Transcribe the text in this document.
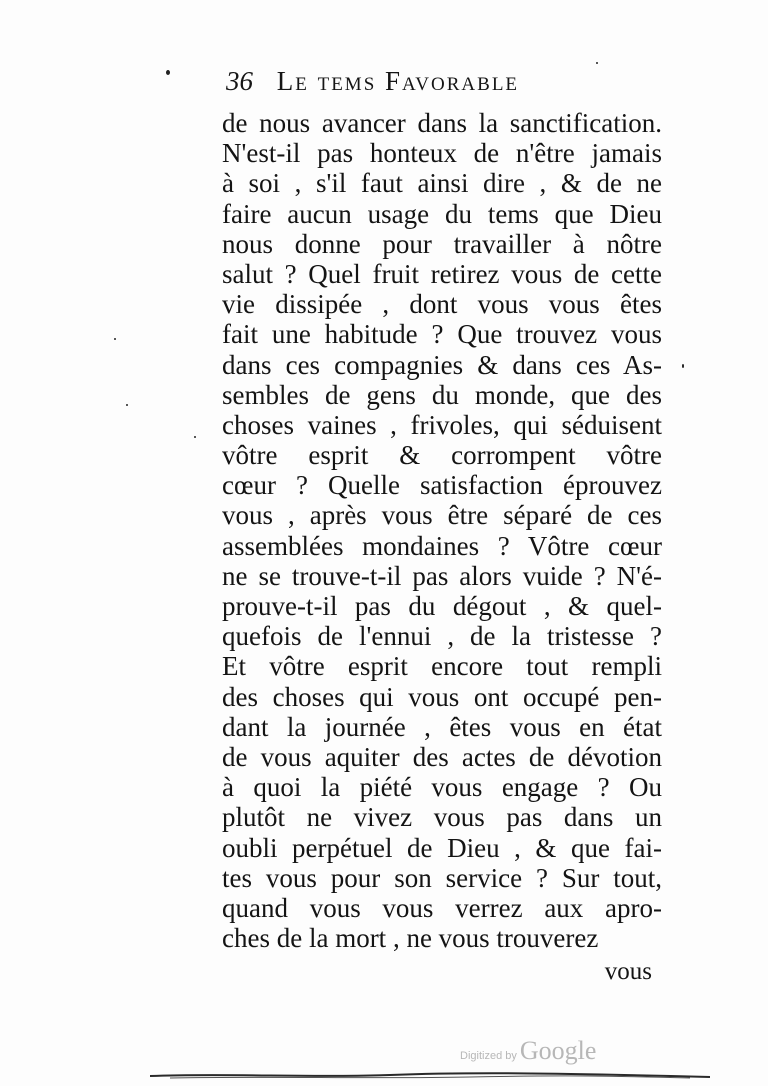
36 Le tems Favorable
de nous avancer dans la sanctification.
N'est-il pas honteux de n'être jamais
à soi , s'il faut ainsi dire , & de ne
faire aucun usage du tems que Dieu
nous donne pour travailler à nôtre
salut ? Quel fruit retirez vous de cette
vie dissipée , dont vous vous êtes
fait une habitude ? Que trouvez vous
dans ces compagnies & dans ces As-
sembles de gens du monde, que des
choses vaines , frivoles, qui séduisent
vôtre esprit & corrompent vôtre
cœur ? Quelle satisfaction éprouvez
vous , après vous être séparé de ces
assemblées mondaines ? Vôtre cœur
ne se trouve-t-il pas alors vuide ? N'é-
prouve-t-il pas du dégout , & quel-
quefois de l'ennui , de la tristesse ?
Et vôtre esprit encore tout rempli
des choses qui vous ont occupé pen-
dant la journée , êtes vous en état
de vous aquiter des actes de dévotion
à quoi la piété vous engage ? Ou
plutôt ne vivez vous pas dans un
oubli perpétuel de Dieu , & que fai-
tes vous pour son service ? Sur tout,
quand vous vous verrez aux apro-
ches de la mort , ne vous trouverez
vous
Digitized by Google
